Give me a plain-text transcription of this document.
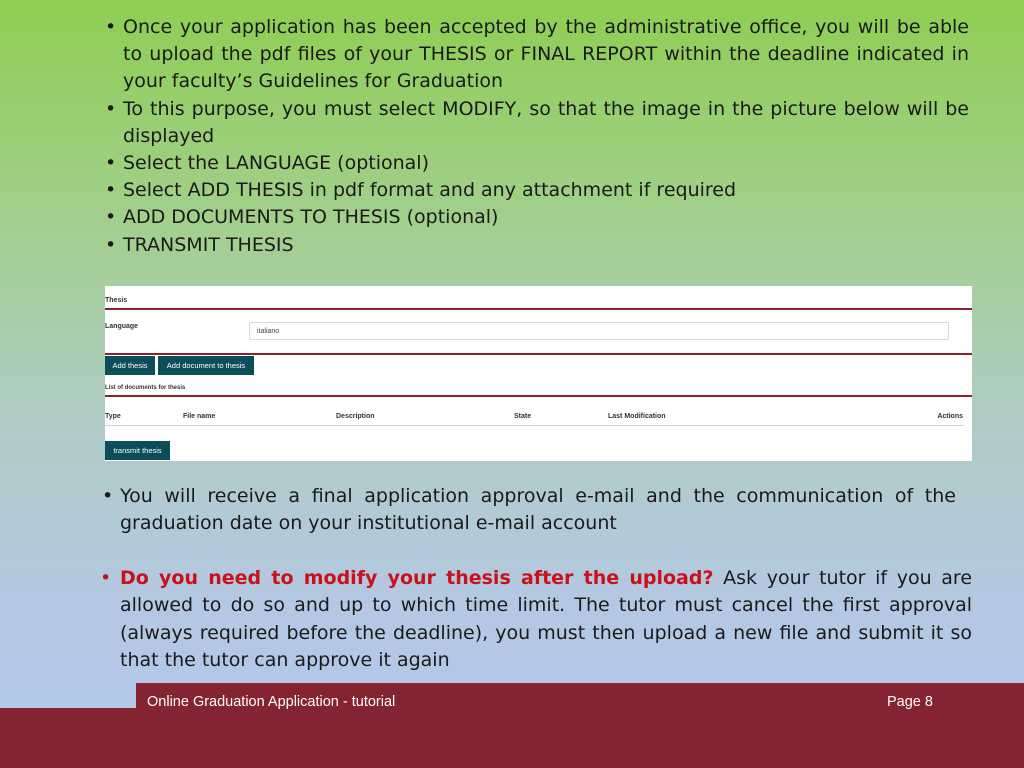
• Once your application has been accepted by the administrative office, you will be able to upload the pdf files of your THESIS or FINAL REPORT within the deadline indicated in your faculty’s Guidelines for Graduation
• To this purpose, you must select MODIFY, so that the image in the picture below will be displayed
• Select the LANGUAGE (optional)
• Select ADD THESIS in pdf format and any attachment if required
• ADD DOCUMENTS TO THESIS (optional)
• TRANSMIT THESIS
Thesis
Language
italiano
Add thesis	Add document to thesis
List of documents for thesis
Type	File name	Description	State	Last Modification	Actions
transmit thesis
• You will receive a final application approval e-mail and the communication of the graduation date on your institutional e-mail account
• Do you need to modify your thesis after the upload? Ask your tutor if you are allowed to do so and up to which time limit. The tutor must cancel the first approval (always required before the deadline), you must then upload a new file and submit it so that the tutor can approve it again
Online Graduation Application - tutorial	Page 8
